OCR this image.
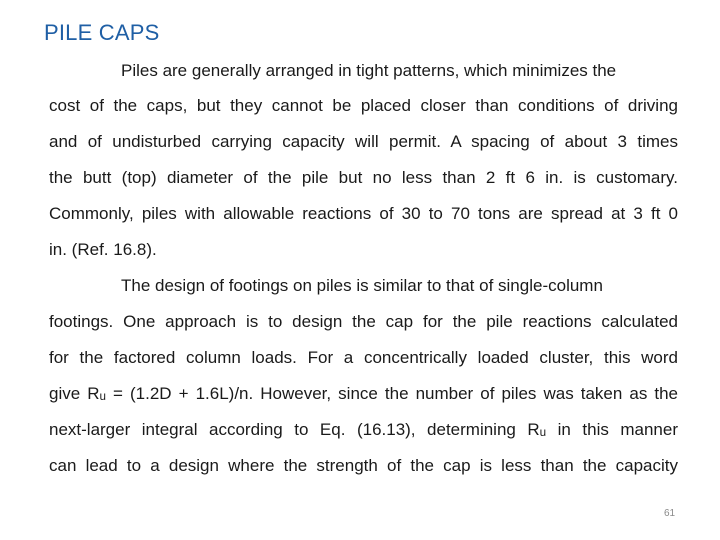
PILE CAPS
Piles are generally arranged in tight patterns, which minimizes the
cost of the caps, but they cannot be placed closer than conditions of driving
and of undisturbed carrying capacity will permit. A spacing of about 3 times
the butt (top) diameter of the pile but no less than 2 ft 6 in. is customary.
Commonly, piles with allowable reactions of 30 to 70 tons are spread at 3 ft 0
in. (Ref. 16.8).
The design of footings on piles is similar to that of single-column
footings. One approach is to design the cap for the pile reactions calculated
for the factored column loads. For a concentrically loaded cluster, this word
give Rᵤ = (1.2D + 1.6L)/n. However, since the number of piles was taken as the
next-larger integral according to Eq. (16.13), determining Rᵤ in this manner
can lead to a design where the strength of the cap is less than the capacity
61
